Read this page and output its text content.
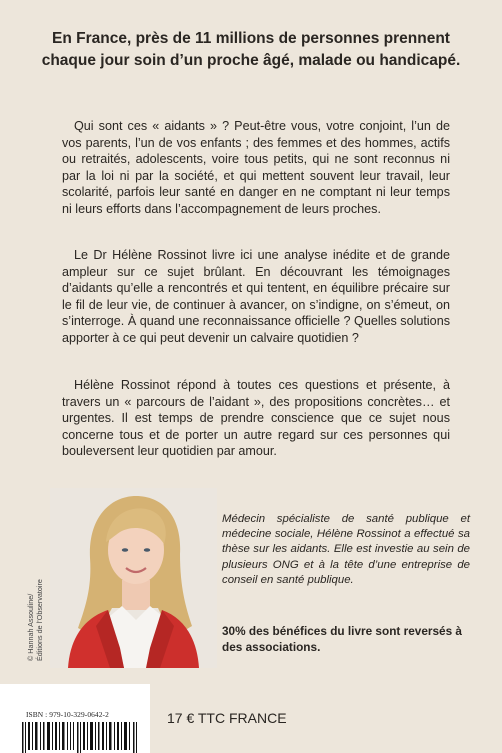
En France, près de 11 millions de personnes prennent chaque jour soin d’un proche âgé, malade ou handicapé.

Qui sont ces « aidants » ? Peut-être vous, votre conjoint, l’un de vos parents, l’un de vos enfants ; des femmes et des hommes, actifs ou retraités, adolescents, voire tous petits, qui ne sont reconnus ni par la loi ni par la société, et qui mettent souvent leur travail, leur scolarité, parfois leur santé en danger en ne comptant ni leur temps ni leurs efforts dans l’accompagnement de leurs proches.

Le Dr Hélène Rossinot livre ici une analyse inédite et de grande ampleur sur ce sujet brûlant. En découvrant les témoignages d’aidants qu’elle a rencontrés et qui tentent, en équilibre précaire sur le fil de leur vie, de continuer à avancer, on s’indigne, on s’émeut, on s’interroge. À quand une reconnaissance officielle ? Quelles solutions apporter à ce qui peut devenir un calvaire quotidien ?

Hélène Rossinot répond à toutes ces questions et présente, à travers un « parcours de l’aidant », des propositions concrètes… et urgentes. Il est temps de prendre conscience que ce sujet nous concerne tous et de porter un autre regard sur ces personnes qui bouleversent leur quotidien par amour.

© Hannah Assouline/ Éditions de l’Observatoire

Médecin spécialiste de santé publique et médecine sociale, Hélène Rossinot a effectué sa thèse sur les aidants. Elle est investie au sein de plusieurs ONG et à la tête d’une entreprise de conseil en santé publique.

30% des bénéfices du livre sont reversés à des associations.

ISBN : 979-10-329-0642-2	17 € TTC FRANCE
